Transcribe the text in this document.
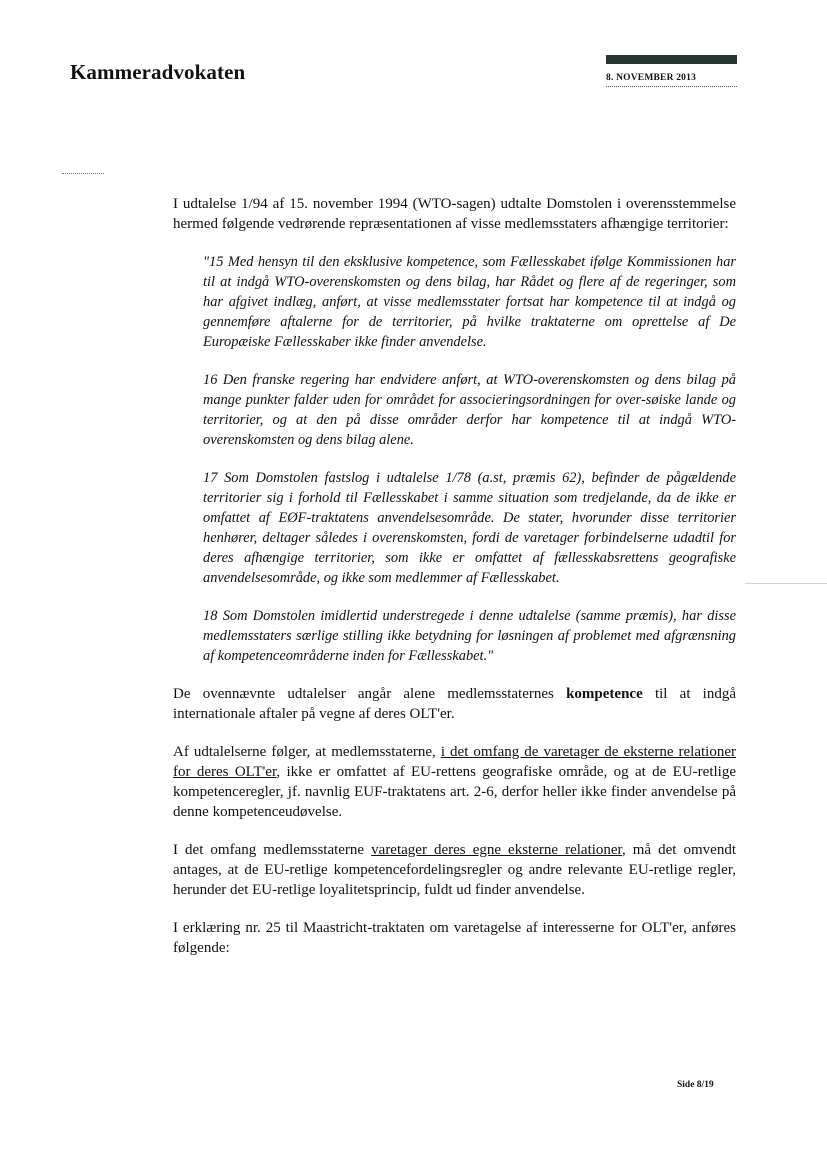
Kammeradvokaten	8. NOVEMBER 2013

I udtalelse 1/94 af 15. november 1994 (WTO-sagen) udtalte Domstolen i overensstemmelse hermed følgende vedrørende repræsentationen af visse medlemsstaters afhængige territorier:

"15 Med hensyn til den eksklusive kompetence, som Fællesskabet ifølge Kommissionen har til at indgå WTO-overenskomsten og dens bilag, har Rådet og flere af de regeringer, som har afgivet indlæg, anført, at visse medlemsstater fortsat har kompetence til at indgå og gennemføre aftalerne for de territorier, på hvilke traktaterne om oprettelse af De Europæiske Fællesskaber ikke finder anvendelse.

16 Den franske regering har endvidere anført, at WTO-overenskomsten og dens bilag på mange punkter falder uden for området for associeringsordningen for over-søiske lande og territorier, og at den på disse områder derfor har kompetence til at indgå WTO-overenskomsten og dens bilag alene.

17 Som Domstolen fastslog i udtalelse 1/78 (a.st, præmis 62), befinder de pågældende territorier sig i forhold til Fællesskabet i samme situation som tredjelande, da de ikke er omfattet af EØF-traktatens anvendelsesområde. De stater, hvorunder disse territorier henhører, deltager således i overenskomsten, fordi de varetager forbindelserne udadtil for deres afhængige territorier, som ikke er omfattet af fællesskabsrettens geografiske anvendelsesområde, og ikke som medlemmer af Fællesskabet.

18 Som Domstolen imidlertid understregede i denne udtalelse (samme præmis), har disse medlemsstaters særlige stilling ikke betydning for løsningen af problemet med afgrænsning af kompetenceområderne inden for Fællesskabet."

De ovennævnte udtalelser angår alene medlemsstaternes kompetence til at indgå internationale aftaler på vegne af deres OLT'er.

Af udtalelserne følger, at medlemsstaterne, i det omfang de varetager de eksterne relationer for deres OLT'er, ikke er omfattet af EU-rettens geografiske område, og at de EU-retlige kompetenceregler, jf. navnlig EUF-traktatens art. 2-6, derfor heller ikke finder anvendelse på denne kompetenceudøvelse.

I det omfang medlemsstaterne varetager deres egne eksterne relationer, må det omvendt antages, at de EU-retlige kompetencefordelingsregler og andre relevante EU-retlige regler, herunder det EU-retlige loyalitetsprincip, fuldt ud finder anvendelse.

I erklæring nr. 25 til Maastricht-traktaten om varetagelse af interesserne for OLT'er, anføres følgende:

Side 8/19
